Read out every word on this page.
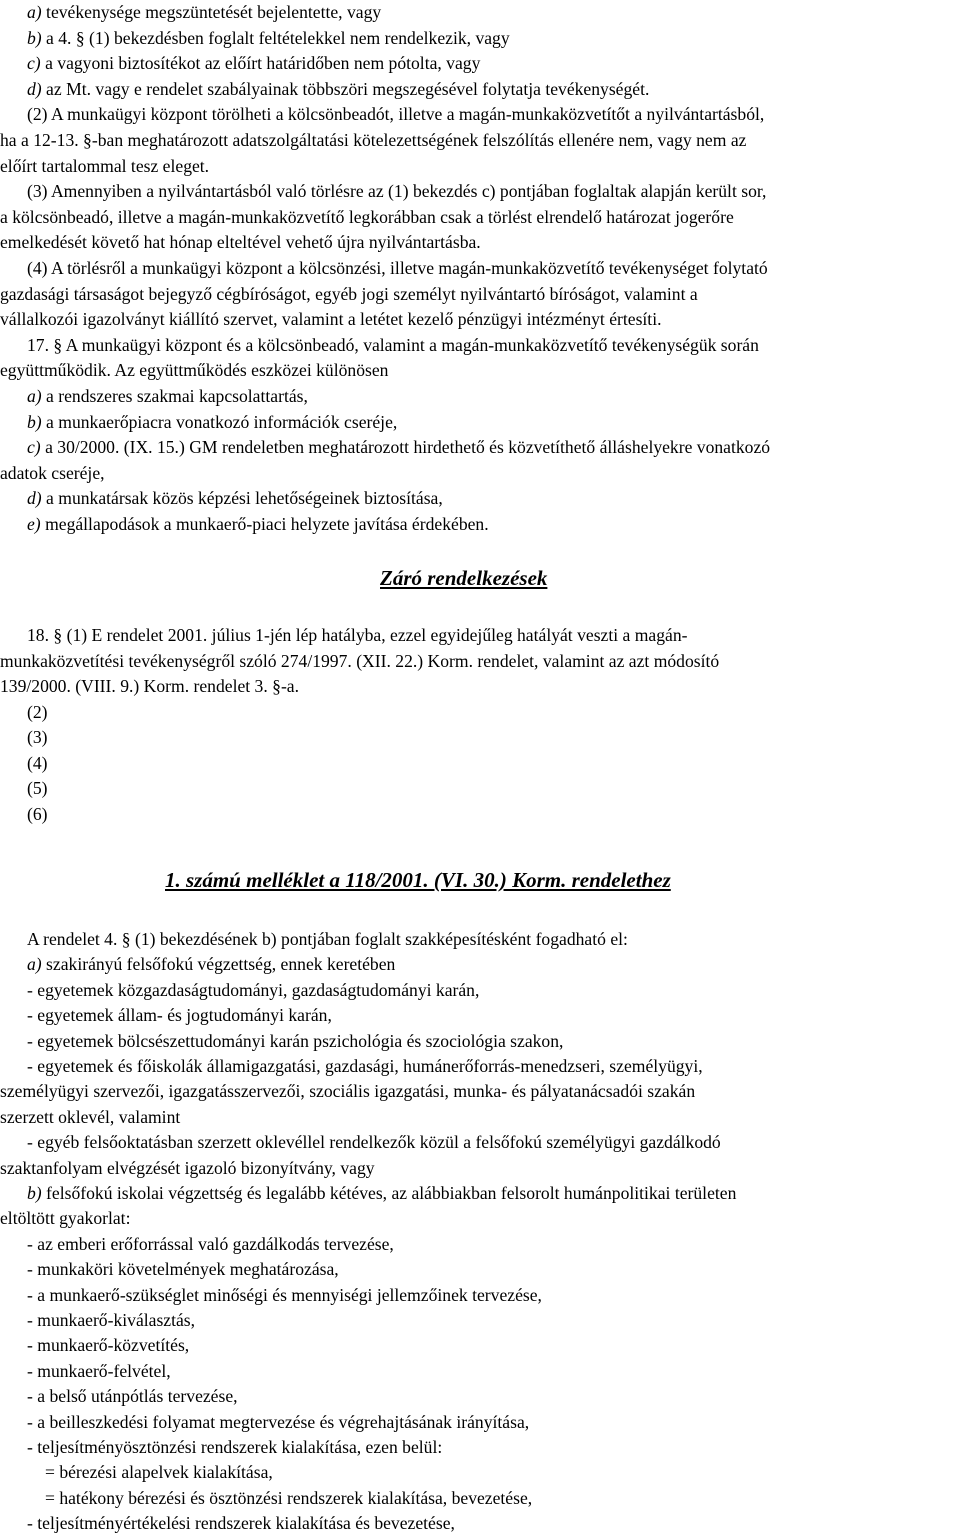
a) tevékenysége megszüntetését bejelentette, vagy
b) a 4. § (1) bekezdésben foglalt feltételekkel nem rendelkezik, vagy
c) a vagyoni biztosítékot az előírt határidőben nem pótolta, vagy
d) az Mt. vagy e rendelet szabályainak többszöri megszegésével folytatja tevékenységét.
(2) A munkaügyi központ törölheti a kölcsönbeadót, illetve a magán-munkaközvetítőt a nyilvántartásból,
ha a 12-13. §-ban meghatározott adatszolgáltatási kötelezettségének felszólítás ellenére nem, vagy nem az
előírt tartalommal tesz eleget.
(3) Amennyiben a nyilvántartásból való törlésre az (1) bekezdés c) pontjában foglaltak alapján került sor,
a kölcsönbeadó, illetve a magán-munkaközvetítő legkorábban csak a törlést elrendelő határozat jogerőre
emelkedését követő hat hónap elteltével vehető újra nyilvántartásba.
(4) A törlésről a munkaügyi központ a kölcsönzési, illetve magán-munkaközvetítő tevékenységet folytató
gazdasági társaságot bejegyző cégbíróságot, egyéb jogi személyt nyilvántartó bíróságot, valamint a
vállalkozói igazolványt kiállító szervet, valamint a letétet kezelő pénzügyi intézményt értesíti.
17. § A munkaügyi központ és a kölcsönbeadó, valamint a magán-munkaközvetítő tevékenységük során
együttműködik. Az együttműködés eszközei különösen
a) a rendszeres szakmai kapcsolattartás,
b) a munkaerőpiacra vonatkozó információk cseréje,
c) a 30/2000. (IX. 15.) GM rendeletben meghatározott hirdethető és közvetíthető álláshelyekre vonatkozó
adatok cseréje,
d) a munkatársak közös képzési lehetőségeinek biztosítása,
e) megállapodások a munkaerő-piaci helyzete javítása érdekében.
Záró rendelkezések
18. § (1) E rendelet 2001. július 1-jén lép hatályba, ezzel egyidejűleg hatályát veszti a magán-
munkaközvetítési tevékenységről szóló 274/1997. (XII. 22.) Korm. rendelet, valamint az azt módosító
139/2000. (VIII. 9.) Korm. rendelet 3. §-a.
(2)
(3)
(4)
(5)
(6)
1. számú melléklet a 118/2001. (VI. 30.) Korm. rendelethez
A rendelet 4. § (1) bekezdésének b) pontjában foglalt szakképesítésként fogadható el:
a) szakirányú felsőfokú végzettség, ennek keretében
- egyetemek közgazdaságtudományi, gazdaságtudományi karán,
- egyetemek állam- és jogtudományi karán,
- egyetemek bölcsészettudományi karán pszichológia és szociológia szakon,
- egyetemek és főiskolák államigazgatási, gazdasági, humánerőforrás-menedzseri, személyügyi,
személyügyi szervezői, igazgatásszervezői, szociális igazgatási, munka- és pályatanácsadói szakán
szerzett oklevél, valamint
- egyéb felsőoktatásban szerzett oklevéllel rendelkezők közül a felsőfokú személyügyi gazdálkodó
szaktanfolyam elvégzését igazoló bizonyítvány, vagy
b) felsőfokú iskolai végzettség és legalább kétéves, az alábbiakban felsorolt humánpolitikai területen
eltöltött gyakorlat:
- az emberi erőforrással való gazdálkodás tervezése,
- munkaköri követelmények meghatározása,
- a munkaerő-szükséglet minőségi és mennyiségi jellemzőinek tervezése,
- munkaerő-kiválasztás,
- munkaerő-közvetítés,
- munkaerő-felvétel,
- a belső utánpótlás tervezése,
- a beilleszkedési folyamat megtervezése és végrehajtásának irányítása,
- teljesítményösztönzési rendszerek kialakítása, ezen belül:
= bérezési alapelvek kialakítása,
= hatékony bérezési és ösztönzési rendszerek kialakítása, bevezetése,
- teljesítményértékelési rendszerek kialakítása és bevezetése,
